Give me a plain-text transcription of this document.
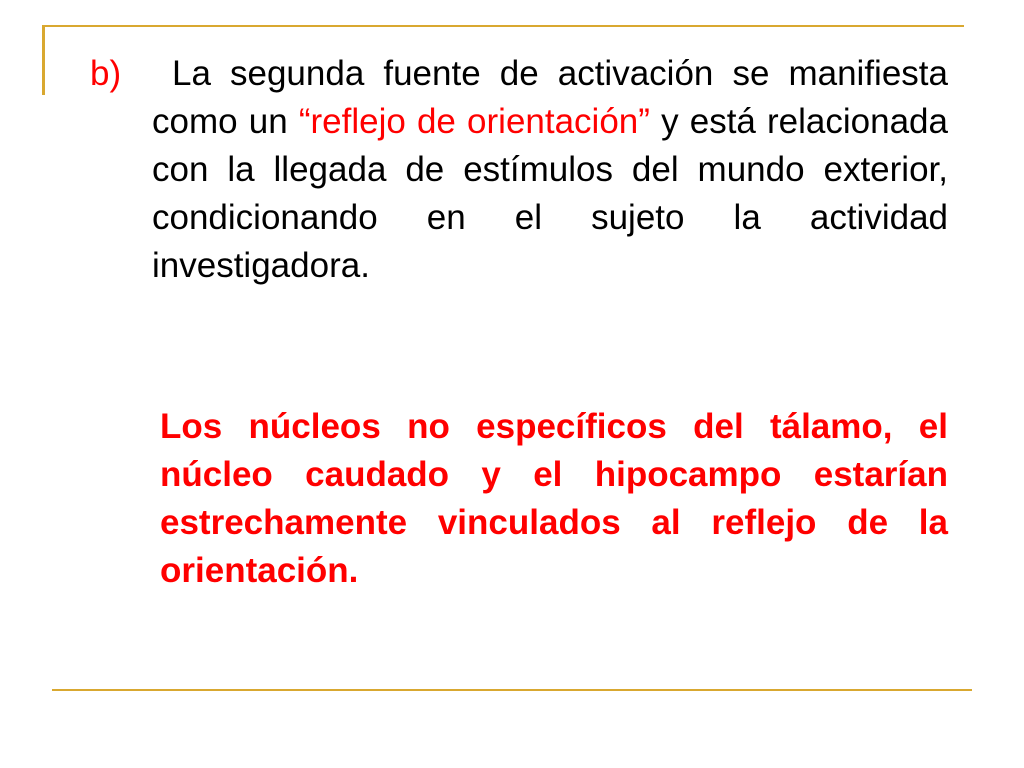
b)	La segunda fuente de activación se manifiesta como un “reflejo de orientación” y está relacionada con la llegada de estímulos del mundo exterior, condicionando en el sujeto la actividad investigadora.
Los núcleos no específicos del tálamo, el núcleo caudado y el hipocampo estarían estrechamente vinculados al reflejo de la orientación.
